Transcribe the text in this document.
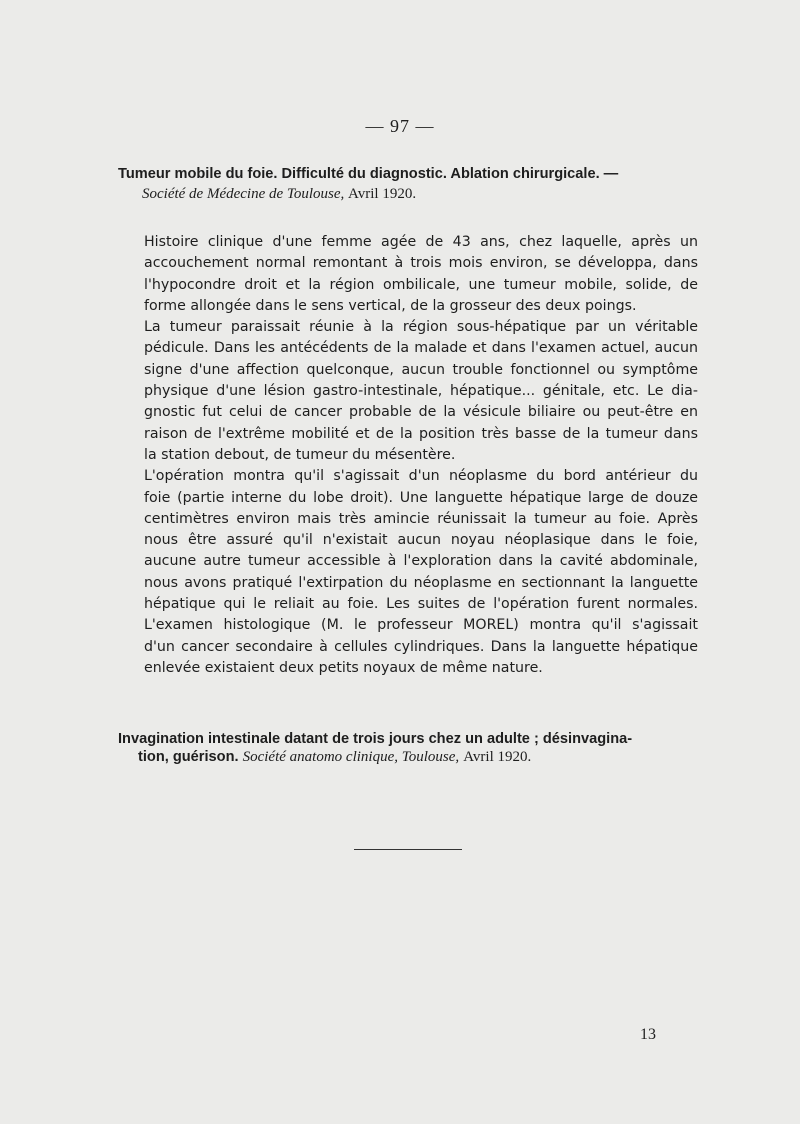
— 97 —

Tumeur mobile du foie. Difficulté du diagnostic. Ablation chirurgicale. —

Société de Médecine de Toulouse, Avril 1920.

Histoire clinique d'une femme agée de 43 ans, chez laquelle, après un
accouchement normal remontant à trois mois environ, se développa, dans
l'hypocondre droit et la région ombilicale, une tumeur mobile, solide, de
forme allongée dans le sens vertical, de la grosseur des deux poings.

La tumeur paraissait réunie à la région sous-hépatique par un véritable
pédicule. Dans les antécédents de la malade et dans l'examen actuel, aucun
signe d'une affection quelconque, aucun trouble fonctionnel ou symptôme
physique d'une lésion gastro-intestinale, hépatique... génitale, etc. Le dia-
gnostic fut celui de cancer probable de la vésicule biliaire ou peut-être en
raison de l'extrême mobilité et de la position très basse de la tumeur dans
la station debout, de tumeur du mésentère.

L'opération montra qu'il s'agissait d'un néoplasme du bord antérieur du
foie (partie interne du lobe droit). Une languette hépatique large de douze
centimètres environ mais très amincie réunissait la tumeur au foie. Après
nous être assuré qu'il n'existait aucun noyau néoplasique dans le foie,
aucune autre tumeur accessible à l'exploration dans la cavité abdominale,
nous avons pratiqué l'extirpation du néoplasme en sectionnant la languette
hépatique qui le reliait au foie. Les suites de l'opération furent normales.
L'examen histologique (M. le professeur MOREL) montra qu'il s'agissait
d'un cancer secondaire à cellules cylindriques. Dans la languette hépatique
enlevée existaient deux petits noyaux de même nature.

Invagination intestinale datant de trois jours chez un adulte ; désinvagina-

tion, guérison. Société anatomo clinique, Toulouse, Avril 1920.

13
